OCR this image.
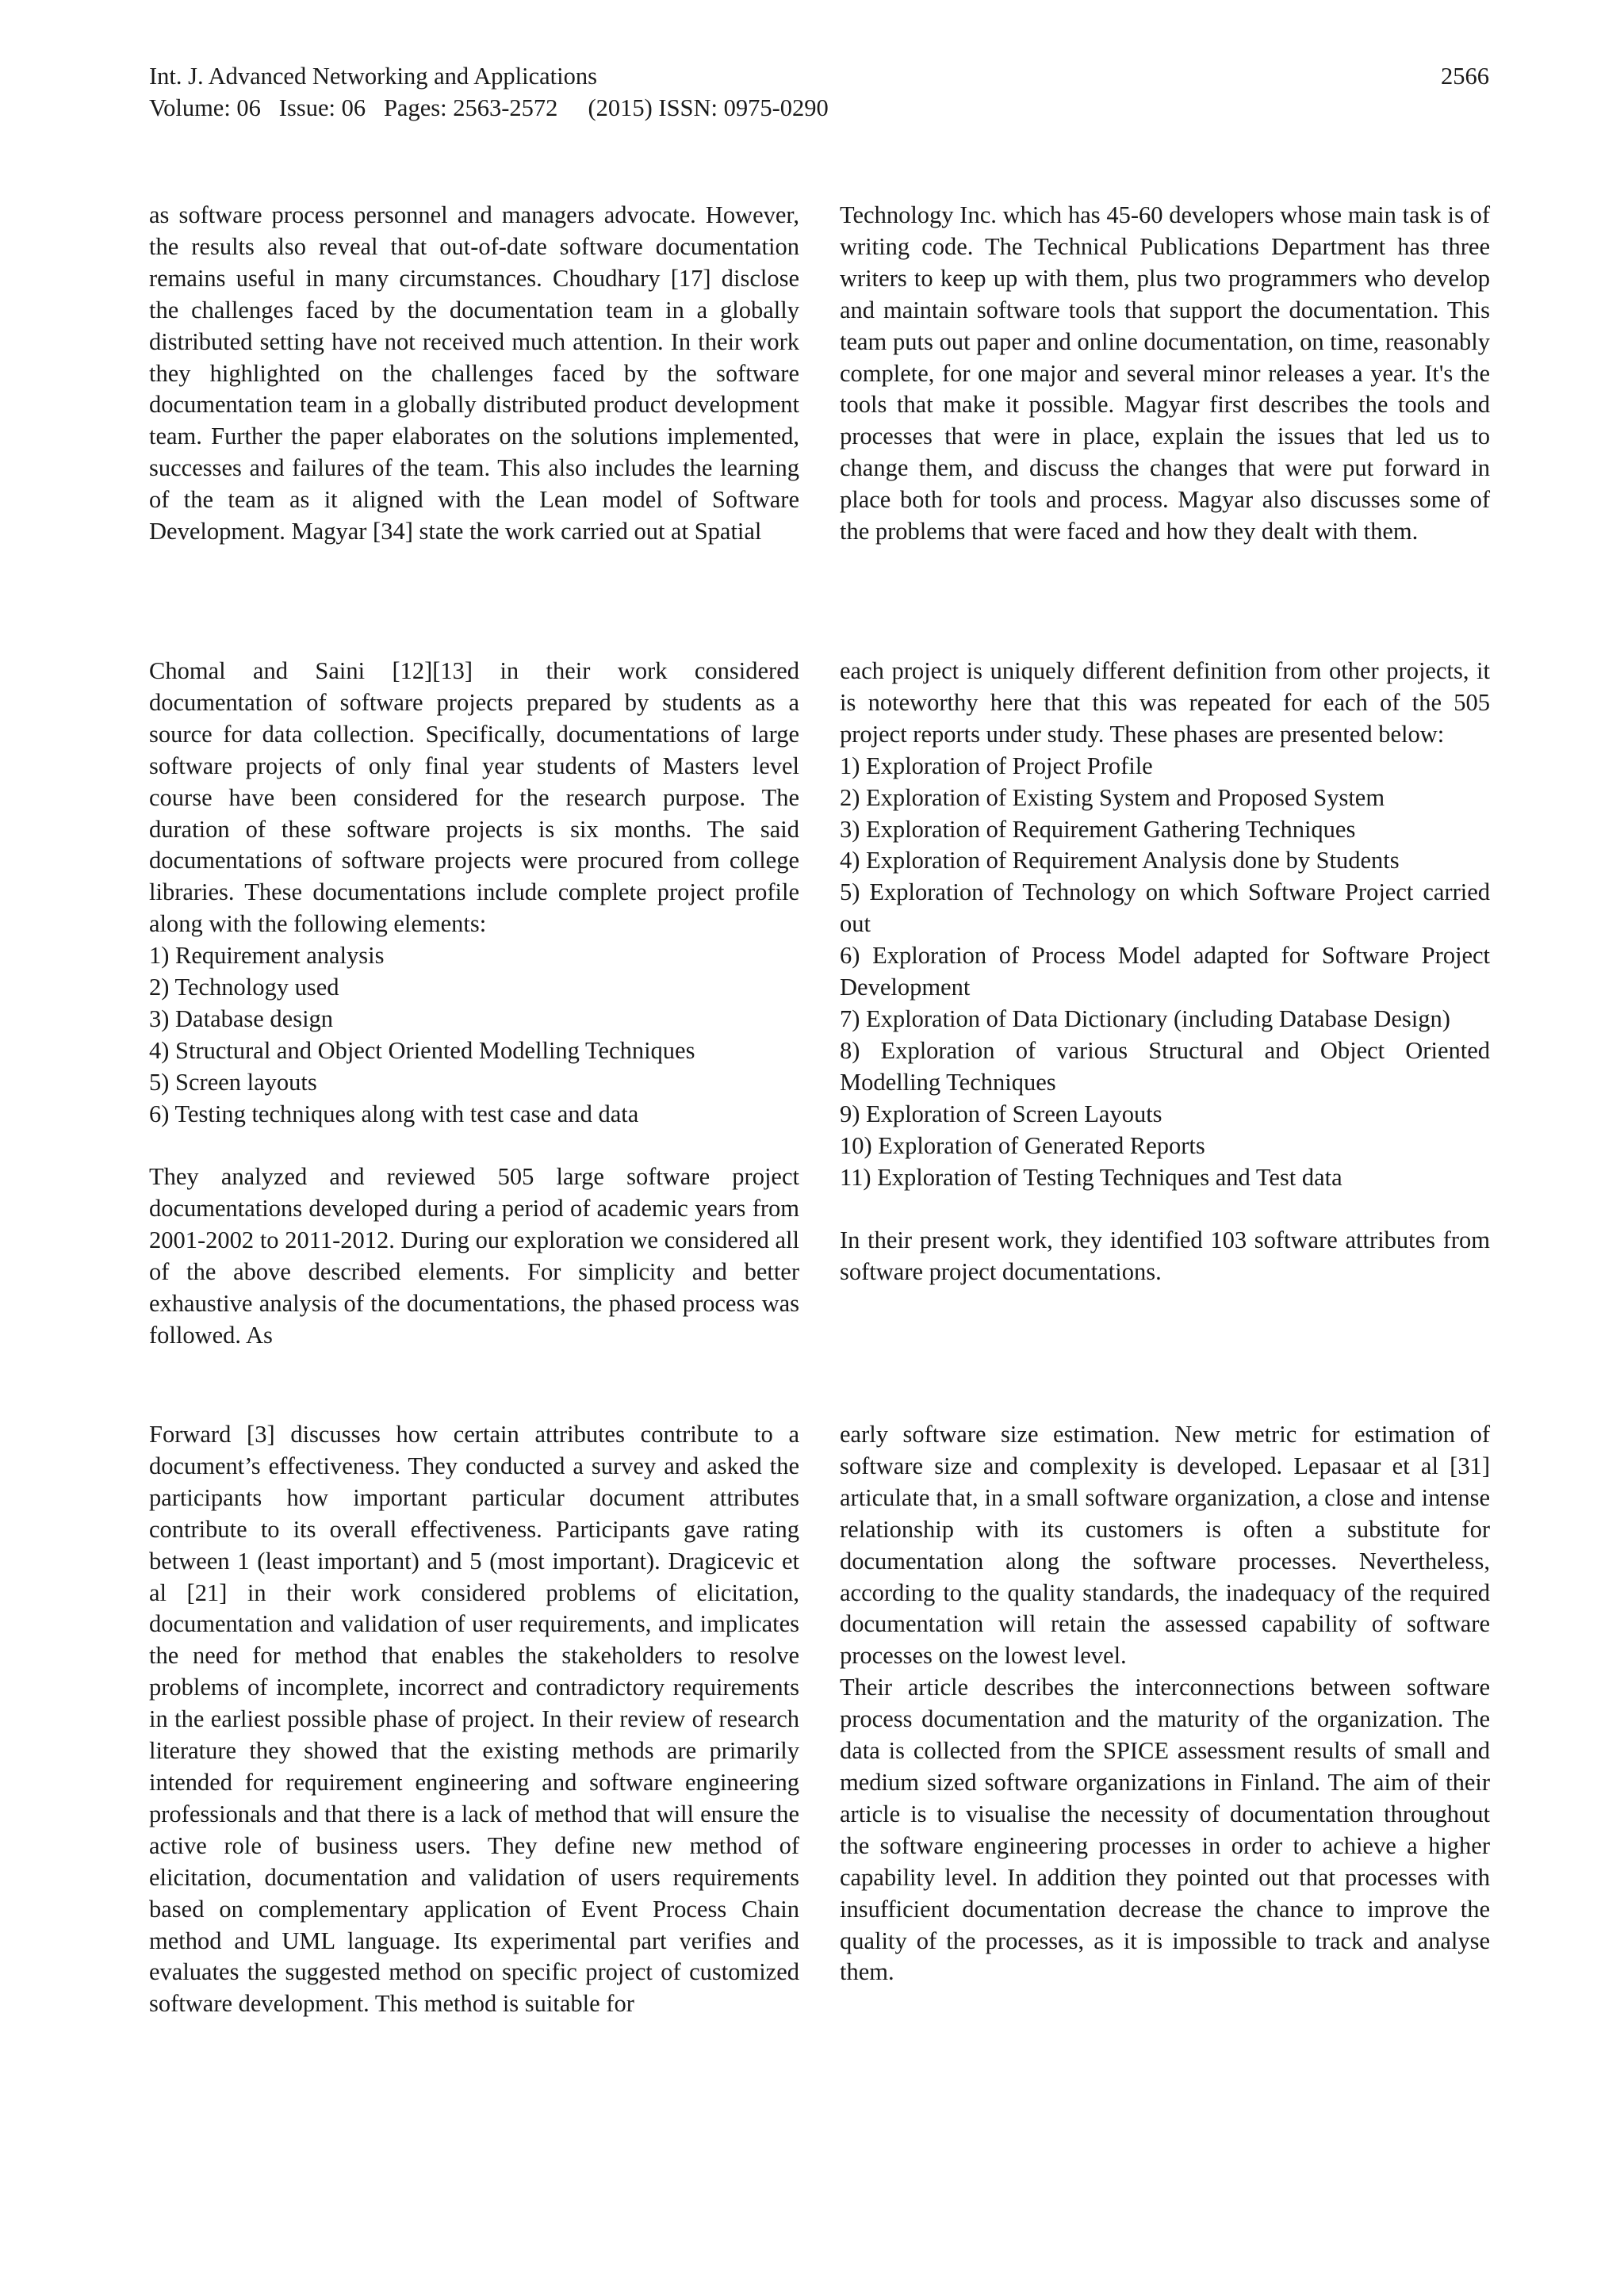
Int. J. Advanced Networking and Applications
Volume: 06   Issue: 06   Pages: 2563-2572     (2015) ISSN: 0975-0290
2566
as software process personnel and managers advocate. However, the results also reveal that out-of-date software documentation remains useful in many circumstances. Choudhary [17] disclose the challenges faced by the documentation team in a globally distributed setting have not received much attention. In their work they highlighted on the challenges faced by the software documentation team in a globally distributed product development team. Further the paper elaborates on the solutions implemented, successes and failures of the team. This also includes the learning of the team as it aligned with the Lean model of Software Development. Magyar [34] state the work carried out at Spatial
Technology Inc. which has 45-60 developers whose main task is of writing code. The Technical Publications Department has three writers to keep up with them, plus two programmers who develop and maintain software tools that support the documentation. This team puts out paper and online documentation, on time, reasonably complete, for one major and several minor releases a year. It's the tools that make it possible. Magyar first describes the tools and processes that were in place, explain the issues that led us to change them, and discuss the changes that were put forward in place both for tools and process. Magyar also discusses some of the problems that were faced and how they dealt with them.
Chomal and Saini [12][13] in their work considered documentation of software projects prepared by students as a source for data collection. Specifically, documentations of large software projects of only final year students of Masters level course have been considered for the research purpose. The duration of these software projects is six months. The said documentations of software projects were procured from college libraries. These documentations include complete project profile along with the following elements:
1) Requirement analysis
2) Technology used
3) Database design
4) Structural and Object Oriented Modelling Techniques
5) Screen layouts
6) Testing techniques along with test case and data
They analyzed and reviewed 505 large software project documentations developed during a period of academic years from 2001-2002 to 2011-2012. During our exploration we considered all of the above described elements. For simplicity and better exhaustive analysis of the documentations, the phased process was followed. As
each project is uniquely different definition from other projects, it is noteworthy here that this was repeated for each of the 505 project reports under study. These phases are presented below:
1) Exploration of Project Profile
2) Exploration of Existing System and Proposed System
3) Exploration of Requirement Gathering Techniques
4) Exploration of Requirement Analysis done by Students
5) Exploration of Technology on which Software Project carried out
6) Exploration of Process Model adapted for Software Project Development
7) Exploration of Data Dictionary (including Database Design)
8) Exploration of various Structural and Object Oriented Modelling Techniques
9) Exploration of Screen Layouts
10) Exploration of Generated Reports
11) Exploration of Testing Techniques and Test data
In their present work, they identified 103 software attributes from software project documentations.
Forward [3] discusses how certain attributes contribute to a document’s effectiveness. They conducted a survey and asked the participants how important particular document attributes contribute to its overall effectiveness. Participants gave rating between 1 (least important) and 5 (most important). Dragicevic et al [21] in their work considered problems of elicitation, documentation and validation of user requirements, and implicates the need for method that enables the stakeholders to resolve problems of incomplete, incorrect and contradictory requirements in the earliest possible phase of project. In their review of research literature they showed that the existing methods are primarily intended for requirement engineering and software engineering professionals and that there is a lack of method that will ensure the active role of business users. They define new method of elicitation, documentation and validation of users requirements based on complementary application of Event Process Chain method and UML language. Its experimental part verifies and evaluates the suggested method on specific project of customized software development. This method is suitable for
early software size estimation. New metric for estimation of software size and complexity is developed. Lepasaar et al [31] articulate that, in a small software organization, a close and intense relationship with its customers is often a substitute for documentation along the software processes. Nevertheless, according to the quality standards, the inadequacy of the required documentation will retain the assessed capability of software processes on the lowest level.
Their article describes the interconnections between software process documentation and the maturity of the organization. The data is collected from the SPICE assessment results of small and medium sized software organizations in Finland. The aim of their article is to visualise the necessity of documentation throughout the software engineering processes in order to achieve a higher capability level. In addition they pointed out that processes with insufficient documentation decrease the chance to improve the quality of the processes, as it is impossible to track and analyse them.
